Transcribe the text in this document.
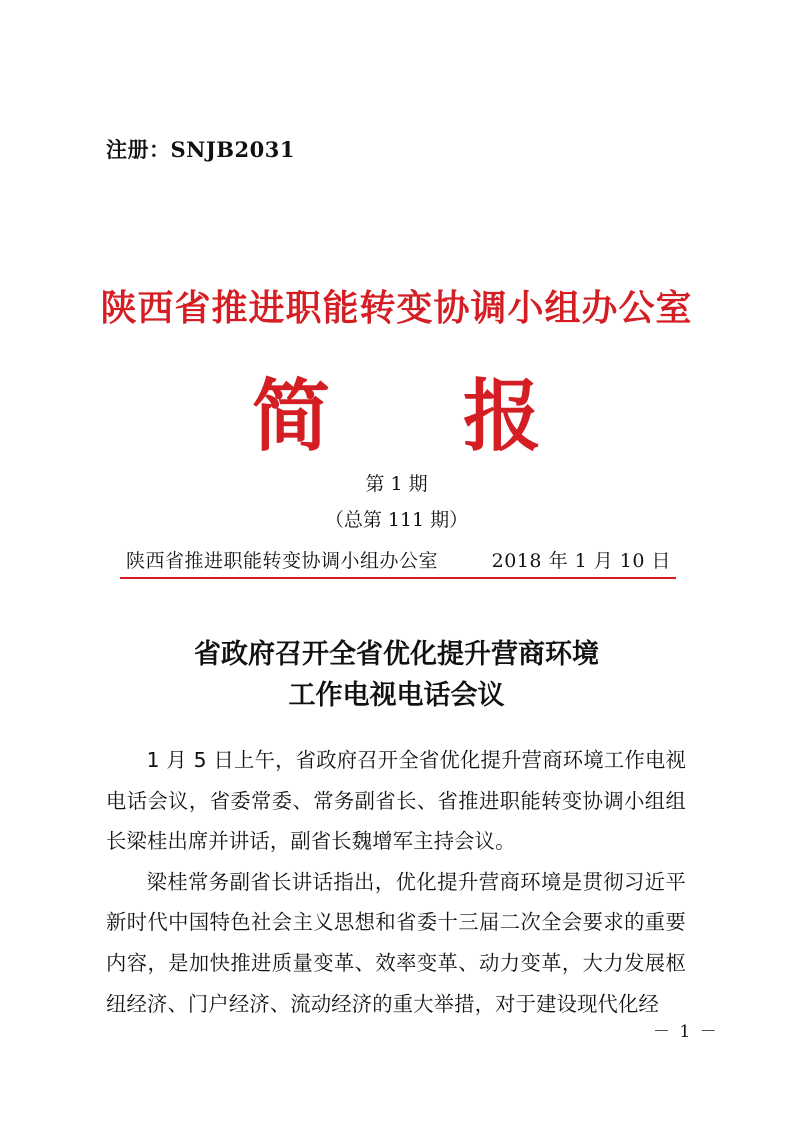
注册：SNJB2031
陕西省推进职能转变协调小组办公室
简 报
第 1 期
（总第 111 期）
陕西省推进职能转变协调小组办公室	2018 年 1 月 10 日
省政府召开全省优化提升营商环境
工作电视电话会议

1 月 5 日上午，省政府召开全省优化提升营商环境工作电视电话会议，省委常委、常务副省长、省推进职能转变协调小组组长梁桂出席并讲话，副省长魏增军主持会议。

梁桂常务副省长讲话指出，优化提升营商环境是贯彻习近平新时代中国特色社会主义思想和省委十三届二次全会要求的重要内容，是加快推进质量变革、效率变革、动力变革，大力发展枢纽经济、门户经济、流动经济的重大举措，对于建设现代化经

－ 1 －
